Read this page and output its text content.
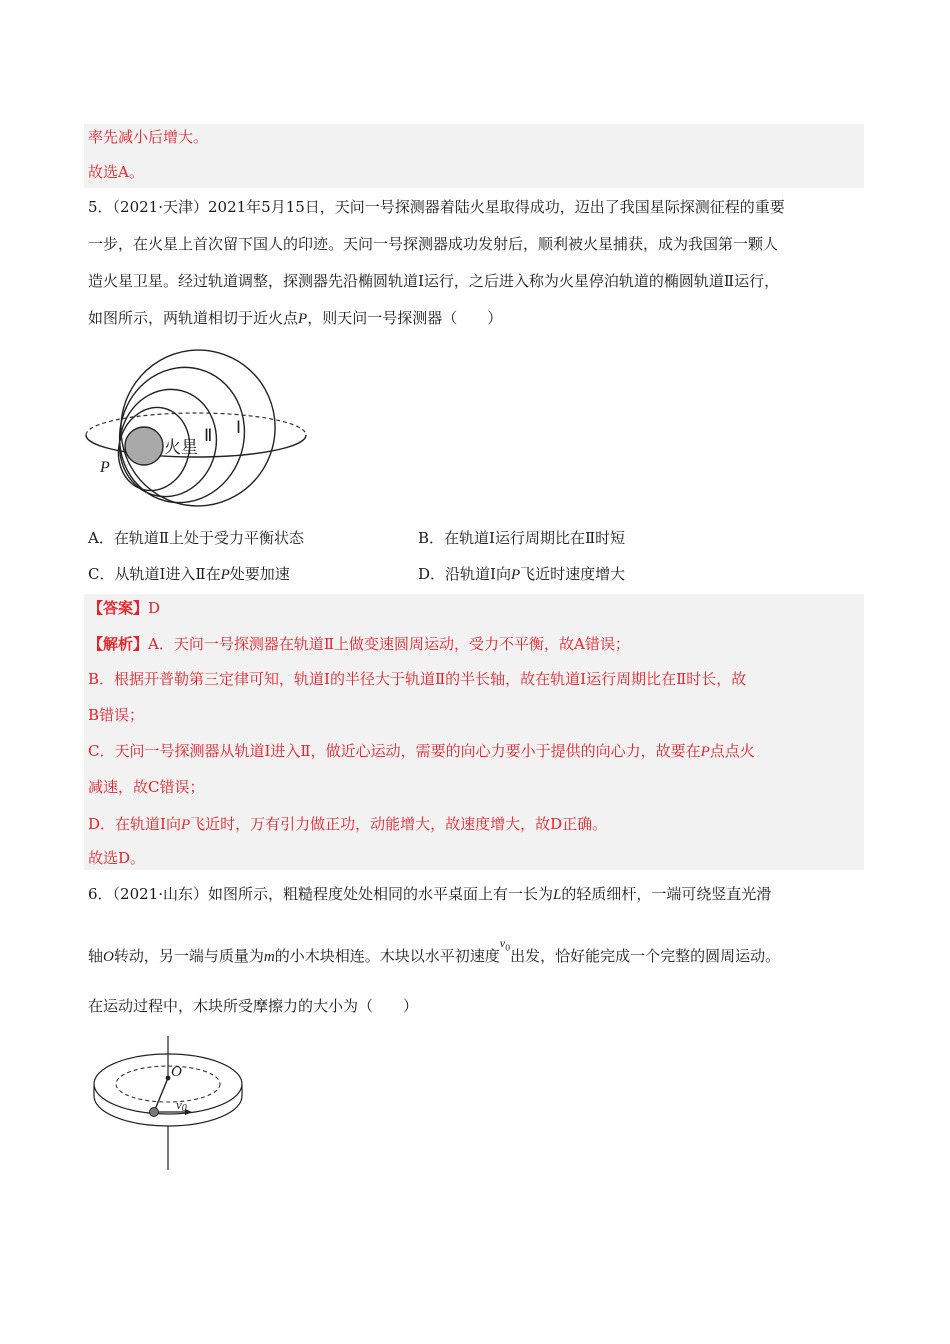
率先减小后增大。
故选A。
5．（2021·天津）2021年5月15日，天问一号探测器着陆火星取得成功，迈出了我国星际探测征程的重要
一步，在火星上首次留下国人的印迹。天问一号探测器成功发射后，顺利被火星捕获，成为我国第一颗人
造火星卫星。经过轨道调整，探测器先沿椭圆轨道Ⅰ运行，之后进入称为火星停泊轨道的椭圆轨道Ⅱ运行，
如图所示，两轨道相切于近火点P，则天问一号探测器（　　）
火星
Ⅱ Ⅰ
P
A．在轨道Ⅱ上处于受力平衡状态	B．在轨道Ⅰ运行周期比在Ⅱ时短
C．从轨道Ⅰ进入Ⅱ在P处要加速	D．沿轨道Ⅰ向P飞近时速度增大
【答案】D
【解析】A．天问一号探测器在轨道Ⅱ上做变速圆周运动，受力不平衡，故A错误；
B．根据开普勒第三定律可知，轨道Ⅰ的半径大于轨道Ⅱ的半长轴，故在轨道Ⅰ运行周期比在Ⅱ时长，故
B错误；
C．天问一号探测器从轨道Ⅰ进入Ⅱ，做近心运动，需要的向心力要小于提供的向心力，故要在P点点火
减速，故C错误；
D．在轨道Ⅰ向P飞近时，万有引力做正功，动能增大，故速度增大，故D正确。
故选D。
6．（2021·山东）如图所示，粗糙程度处处相同的水平桌面上有一长为L的轻质细杆，一端可绕竖直光滑
轴O转动，另一端与质量为m的小木块相连。木块以水平初速度$^{v_0}$出发，恰好能完成一个完整的圆周运动。
在运动过程中，木块所受摩擦力的大小为（　　）
O
v0
